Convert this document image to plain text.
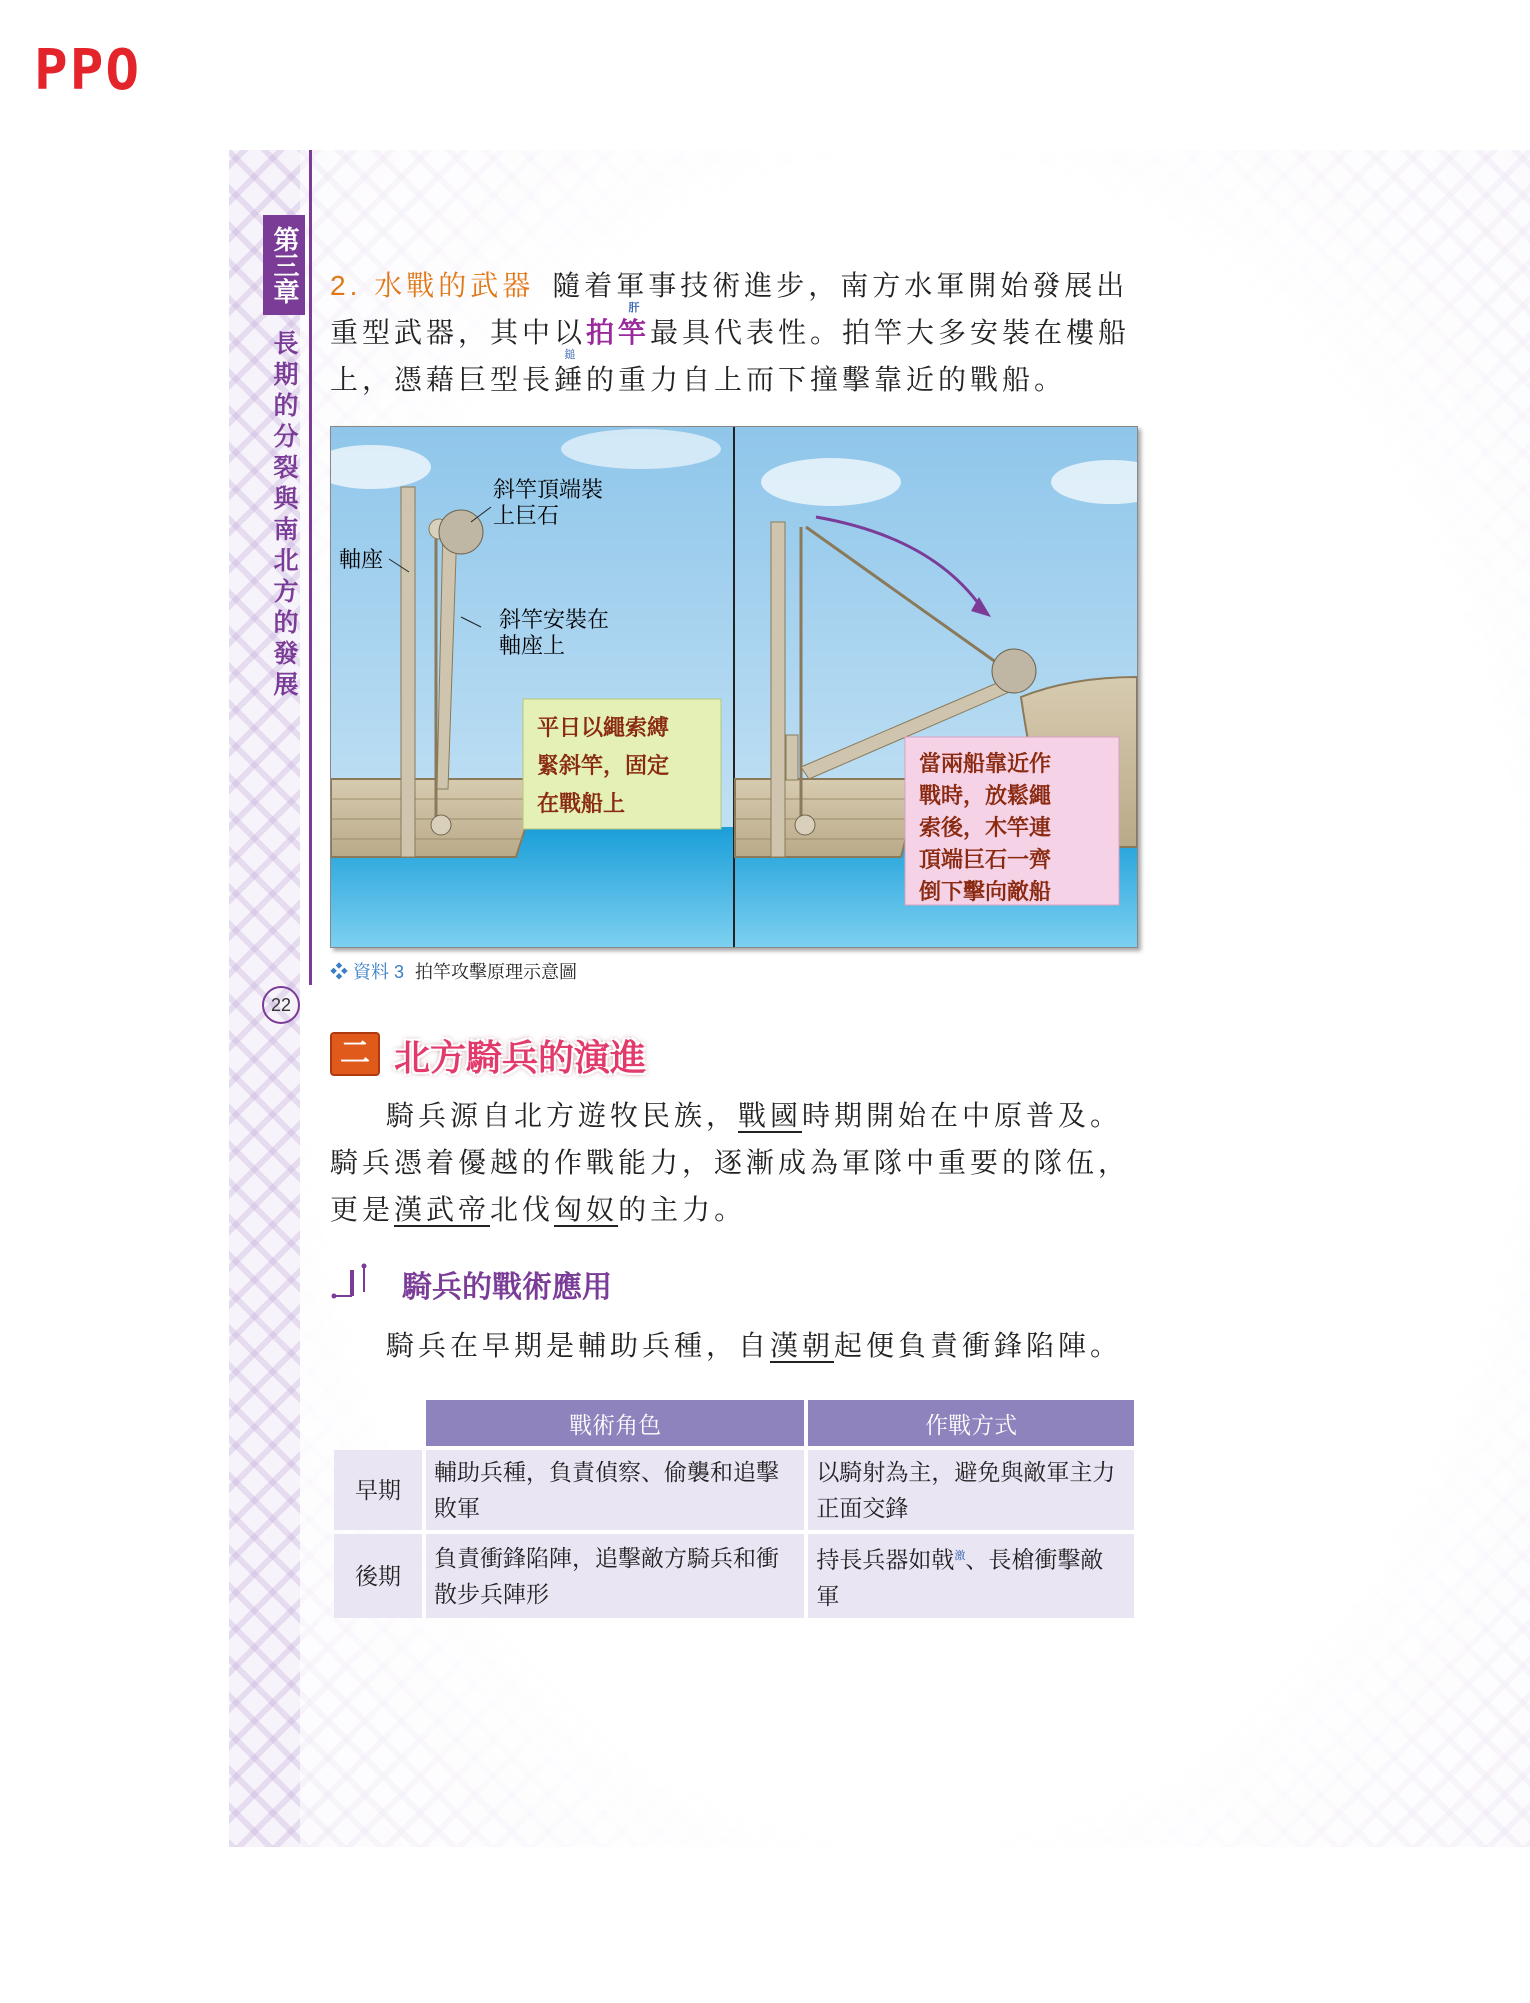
PPO
第三章
長期的分裂與南北方的發展
22
2. 水戰的武器 隨着軍事技術進步，南方水軍開始發展出重型武器，其中以拍竿
肝
最具代表性。拍竿大多安裝在樓船上，憑藉巨型長錘
鎚
的重力自上而下撞擊靠近的戰船。
斜竿頂端裝
上巨石
軸座
斜竿安裝在
軸座上
平日以繩索縛
緊斜竿，固定
在戰船上
當兩船靠近作
戰時，放鬆繩
索後，木竿連
頂端巨石一齊
倒下擊向敵船
❖ 資料 3 拍竿攻擊原理示意圖
二 北方騎兵的演進
騎兵源自北方遊牧民族，戰國時期開始在中原普及。騎兵憑着優越的作戰能力，逐漸成為軍隊中重要的隊伍，更是漢武帝北伐匈奴的主力。
騎兵的戰術應用
騎兵在早期是輔助兵種，自漢朝起便負責衝鋒陷陣。
	戰術角色	作戰方式
早期	輔助兵種，負責偵察、偷襲和追擊敗軍	以騎射為主，避免與敵軍主力正面交鋒
後期	負責衝鋒陷陣，追擊敵方騎兵和衝散步兵陣形	持長兵器如戟$^激$、長槍衝擊敵軍
